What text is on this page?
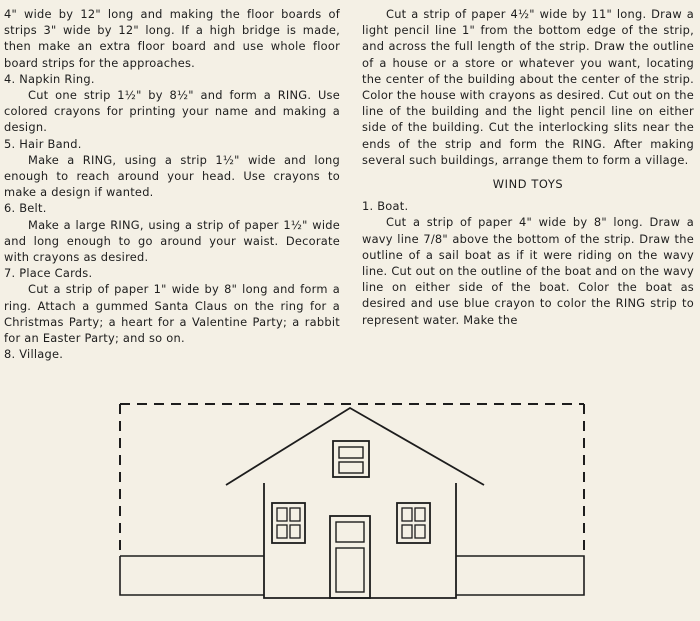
4" wide by 12" long and making the floor boards of strips 3" wide by 12" long. If a high bridge is made, then make an extra floor board and use whole floor board strips for the approaches.

4. Napkin Ring.

Cut one strip 1½" by 8½" and form a RING. Use colored crayons for printing your name and making a design.

5. Hair Band.

Make a RING, using a strip 1½" wide and long enough to reach around your head. Use crayons to make a design if wanted.

6. Belt.

Make a large RING, using a strip of paper 1½" wide and long enough to go around your waist. Decorate with crayons as desired.

7. Place Cards.

Cut a strip of paper 1" wide by 8" long and form a ring. Attach a gummed Santa Claus on the ring for a Christmas Party; a heart for a Valentine Party; a rabbit for an Easter Party; and so on.

8. Village.

Cut a strip of paper 4½" wide by 11" long. Draw a light pencil line 1" from the bottom edge of the strip, and across the full length of the strip. Draw the outline of a house or a store or whatever you want, locating the center of the building about the center of the strip. Color the house with crayons as desired. Cut out on the line of the building and the light pencil line on either side of the building. Cut the interlocking slits near the ends of the strip and form the RING. After making several such buildings, arrange them to form a village.

WIND TOYS

1. Boat.

Cut a strip of paper 4" wide by 8" long. Draw a wavy line 7/8" above the bottom of the strip. Draw the outline of a sail boat as if it were riding on the wavy line. Cut out on the outline of the boat and on the wavy line on either side of the boat. Color the boat as desired and use blue crayon to color the RING strip to represent water. Make the
